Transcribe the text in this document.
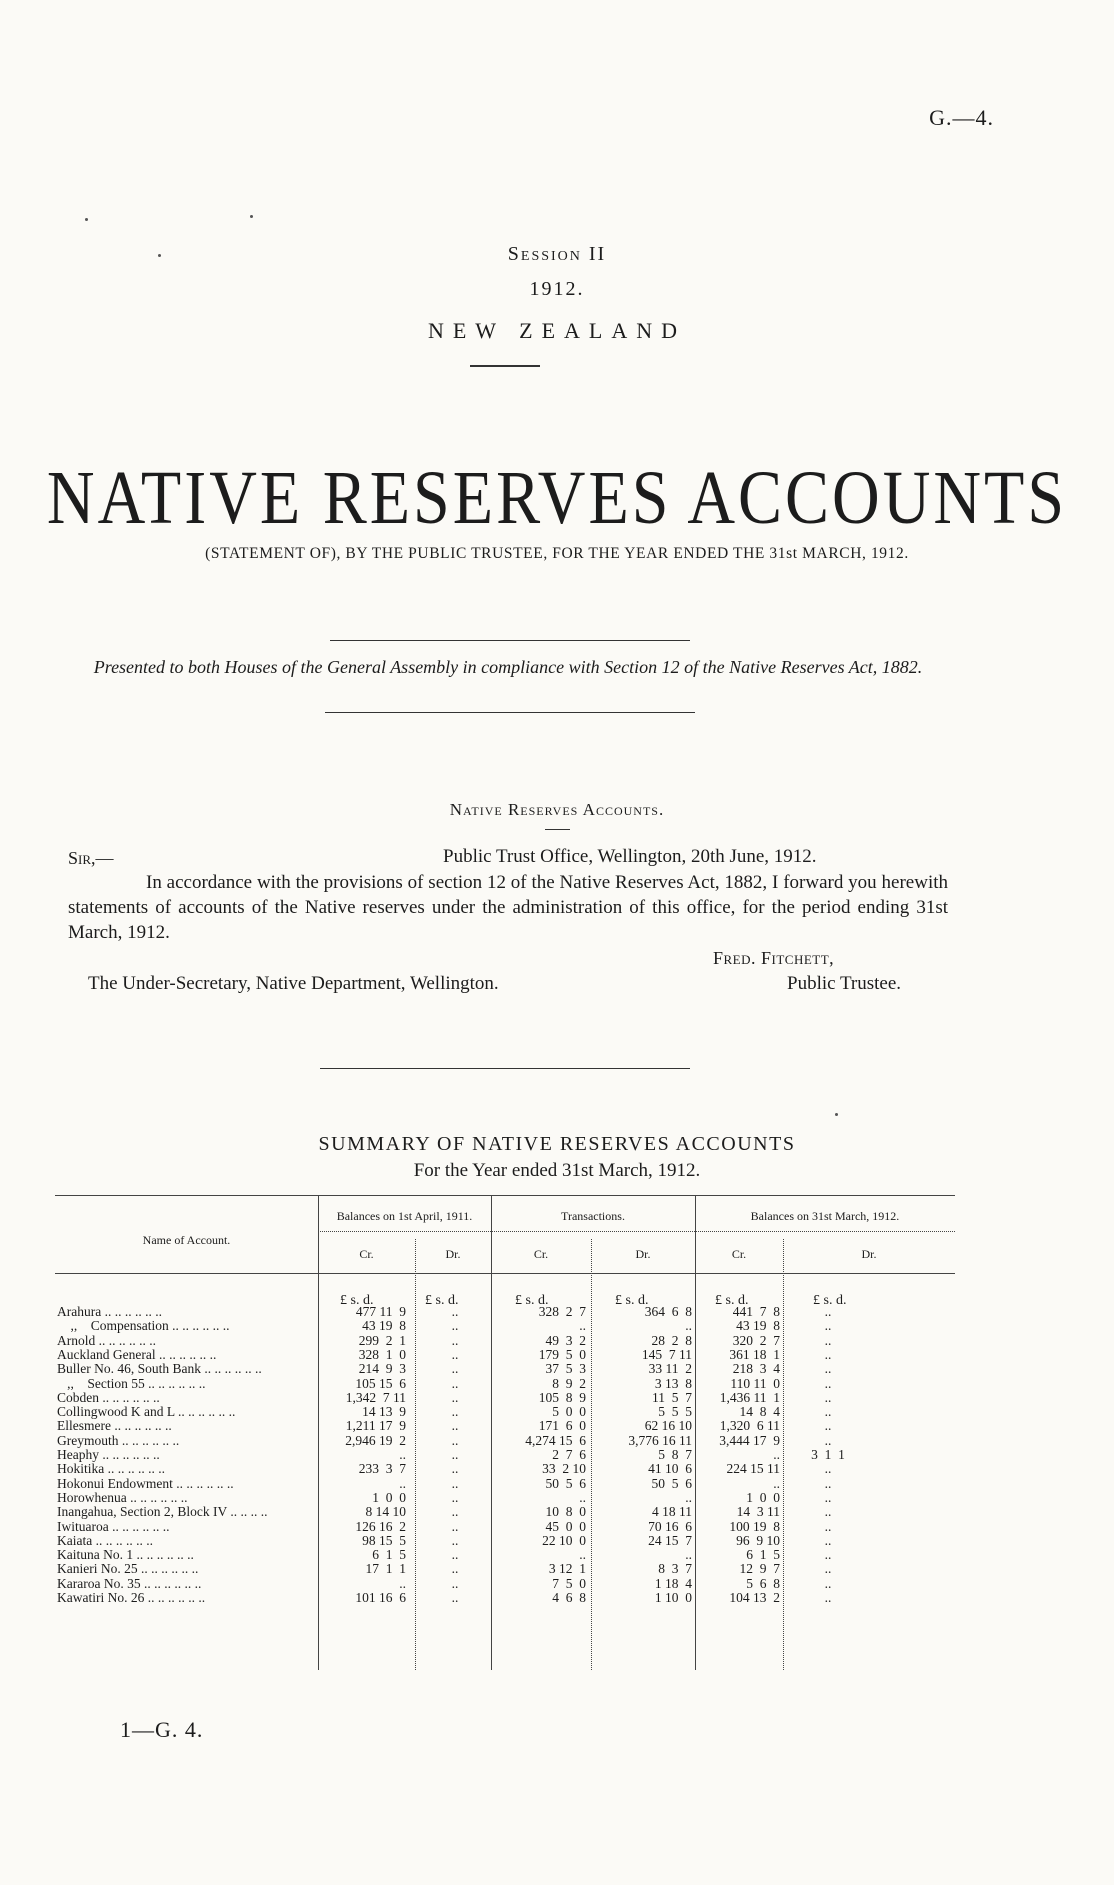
G.—4.
Session II
1912.
NEW ZEALAND
NATIVE RESERVES ACCOUNTS
(STATEMENT OF), BY THE PUBLIC TRUSTEE, FOR THE YEAR ENDED THE 31st MARCH, 1912.
Presented to both Houses of the General Assembly in compliance with Section 12 of the Native Reserves Act, 1882.
Native Reserves Accounts.
Sir,—	Public Trust Office, Wellington, 20th June, 1912.
In accordance with the provisions of section 12 of the Native Reserves Act, 1882, I forward you herewith statements of accounts of the Native reserves under the administration of this office, for the period ending 31st March, 1912.
Fred. Fitchett,
The Under-Secretary, Native Department, Wellington.	Public Trustee.
SUMMARY OF NATIVE RESERVES ACCOUNTS
For the Year ended 31st March, 1912.
Name of Account.
Balances on 1st April, 1911.	Transactions.	Balances on 31st March, 1912.
Cr.	Dr.	Cr.	Dr.	Cr.	Dr.
£ s. d.	£ s. d.	£ s. d.	£ s. d.	£ s. d.	£ s. d.
Arahura .. ..	477 11  9	..	328  2  7	364  6  8	441  7  8	..
,,    Compensation .. ..	43 19  8	..	..	..	43 19  8	..
Arnold .. ..	299  2  1	..	49  3  2	28  2  8	320  2  7	..
Auckland General .. ..	328  1  0	..	179  5  0	145  7 11	361 18  1	..
Buller No. 46, South Bank .. ..	214  9  3	..	37  5  3	33 11  2	218  3  4	..
,,    Section 55 .. ..	105 15  6	..	8  9  2	3 13  8	110 11  0	..
Cobden .. ..	1,342  7 11	..	105  8  9	11  5  7	1,436 11  1	..
Collingwood K and L .. ..	14 13  9	..	5  0  0	5  5  5	14  8  4	..
Ellesmere .. ..	1,211 17  9	..	171  6  0	62 16 10	1,320  6 11	..
Greymouth .. ..	2,946 19  2	..	4,274 15  6	3,776 16 11	3,444 17  9	..
Heaphy .. ..	..	..	2  7  6	5  8  7	..	3  1  1
Hokitika .. ..	233  3  7	..	33  2 10	41 10  6	224 15 11	..
Hokonui Endowment .. ..	..	..	50  5  6	50  5  6	..	..
Horowhenua .. ..	1  0  0	..	..	..	1  0  0	..
Inangahua, Section 2, Block IV .. ..	8 14 10	..	10  8  0	4 18 11	14  3 11	..
Iwituaroa .. ..	126 16  2	..	45  0  0	70 16  6	100 19  8	..
Kaiata .. ..	98 15  5	..	22 10  0	24 15  7	96  9 10	..
Kaituna No. 1 .. ..	6  1  5	..	..	..	6  1  5	..
Kanieri No. 25 .. ..	17  1  1	..	3 12  1	8  3  7	12  9  7	..
Kararoa No. 35 .. ..	..	..	7  5  0	1 18  4	5  6  8	..
Kawatiri No. 26 .. ..	101 16  6	..	4  6  8	1 10  0	104 13  2	..
1—G. 4.
